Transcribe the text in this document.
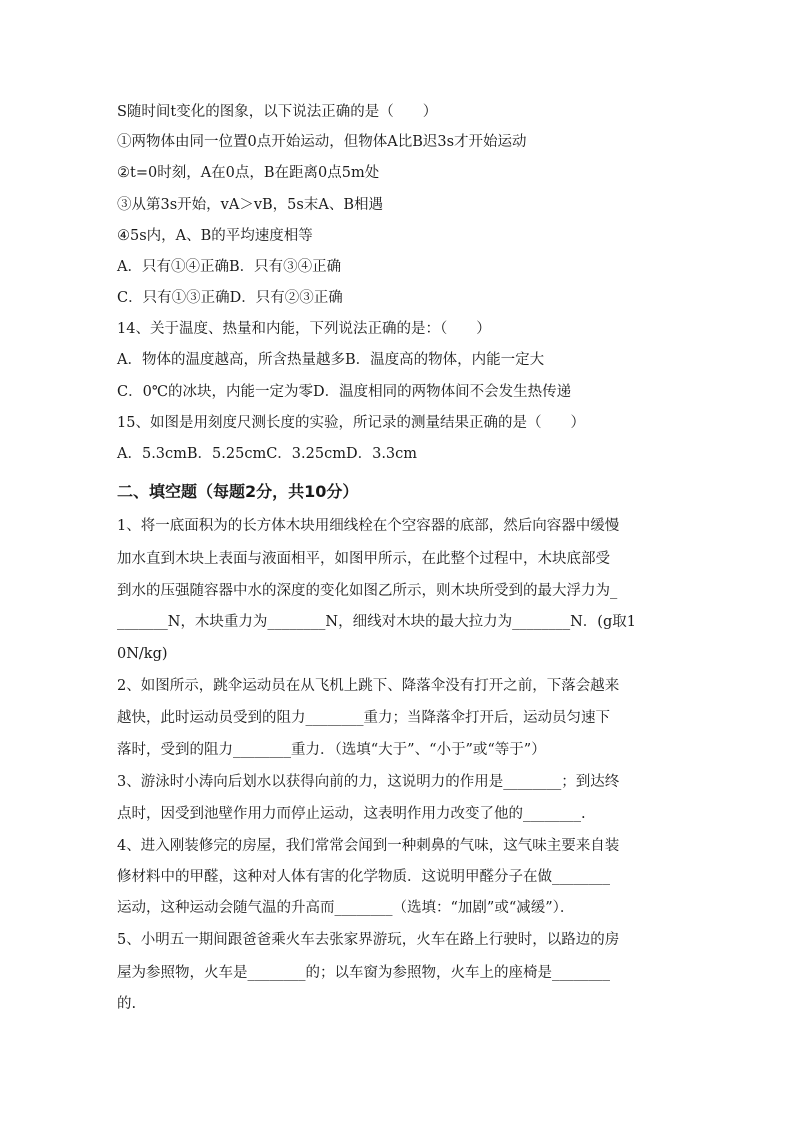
S随时间t变化的图象，以下说法正确的是（　　）
①两物体由同一位置0点开始运动，但物体A比B迟3s才开始运动
②t=0时刻，A在0点，B在距离0点5m处
③从第3s开始，vA＞vB，5s末A、B相遇
④5s内，A、B的平均速度相等
A．只有①④正确B．只有③④正确
C．只有①③正确D．只有②③正确
14、关于温度、热量和内能，下列说法正确的是：（　　）
A．物体的温度越高，所含热量越多B．温度高的物体，内能一定大
C．0℃的冰块，内能一定为零D．温度相同的两物体间不会发生热传递
15、如图是用刻度尺测长度的实验，所记录的测量结果正确的是（　　）
A．5.3cmB．5.25cmC．3.25cmD．3.3cm
二、填空题（每题2分，共10分）
1、将一底面积为的长方体木块用细线栓在个空容器的底部，然后向容器中缓慢
加水直到木块上表面与液面相平，如图甲所示，在此整个过程中，木块底部受
到水的压强随容器中水的深度的变化如图乙所示，则木块所受到的最大浮力为_
_______N，木块重力为________N，细线对木块的最大拉力为________N．(g取1
0N/kg)
2、如图所示，跳伞运动员在从飞机上跳下、降落伞没有打开之前，下落会越来
越快，此时运动员受到的阻力________重力；当降落伞打开后，运动员匀速下
落时，受到的阻力________重力．（选填“大于”、“小于”或“等于”）
3、游泳时小涛向后划水以获得向前的力，这说明力的作用是________；到达终
点时，因受到池壁作用力而停止运动，这表明作用力改变了他的________.
4、进入刚装修完的房屋，我们常常会闻到一种刺鼻的气味，这气味主要来自装
修材料中的甲醛，这种对人体有害的化学物质．这说明甲醛分子在做________
运动，这种运动会随气温的升高而________（选填：“加剧”或“减缓”）．
5、小明五一期间跟爸爸乘火车去张家界游玩，火车在路上行驶时，以路边的房
屋为参照物，火车是________的；以车窗为参照物，火车上的座椅是________
的.
